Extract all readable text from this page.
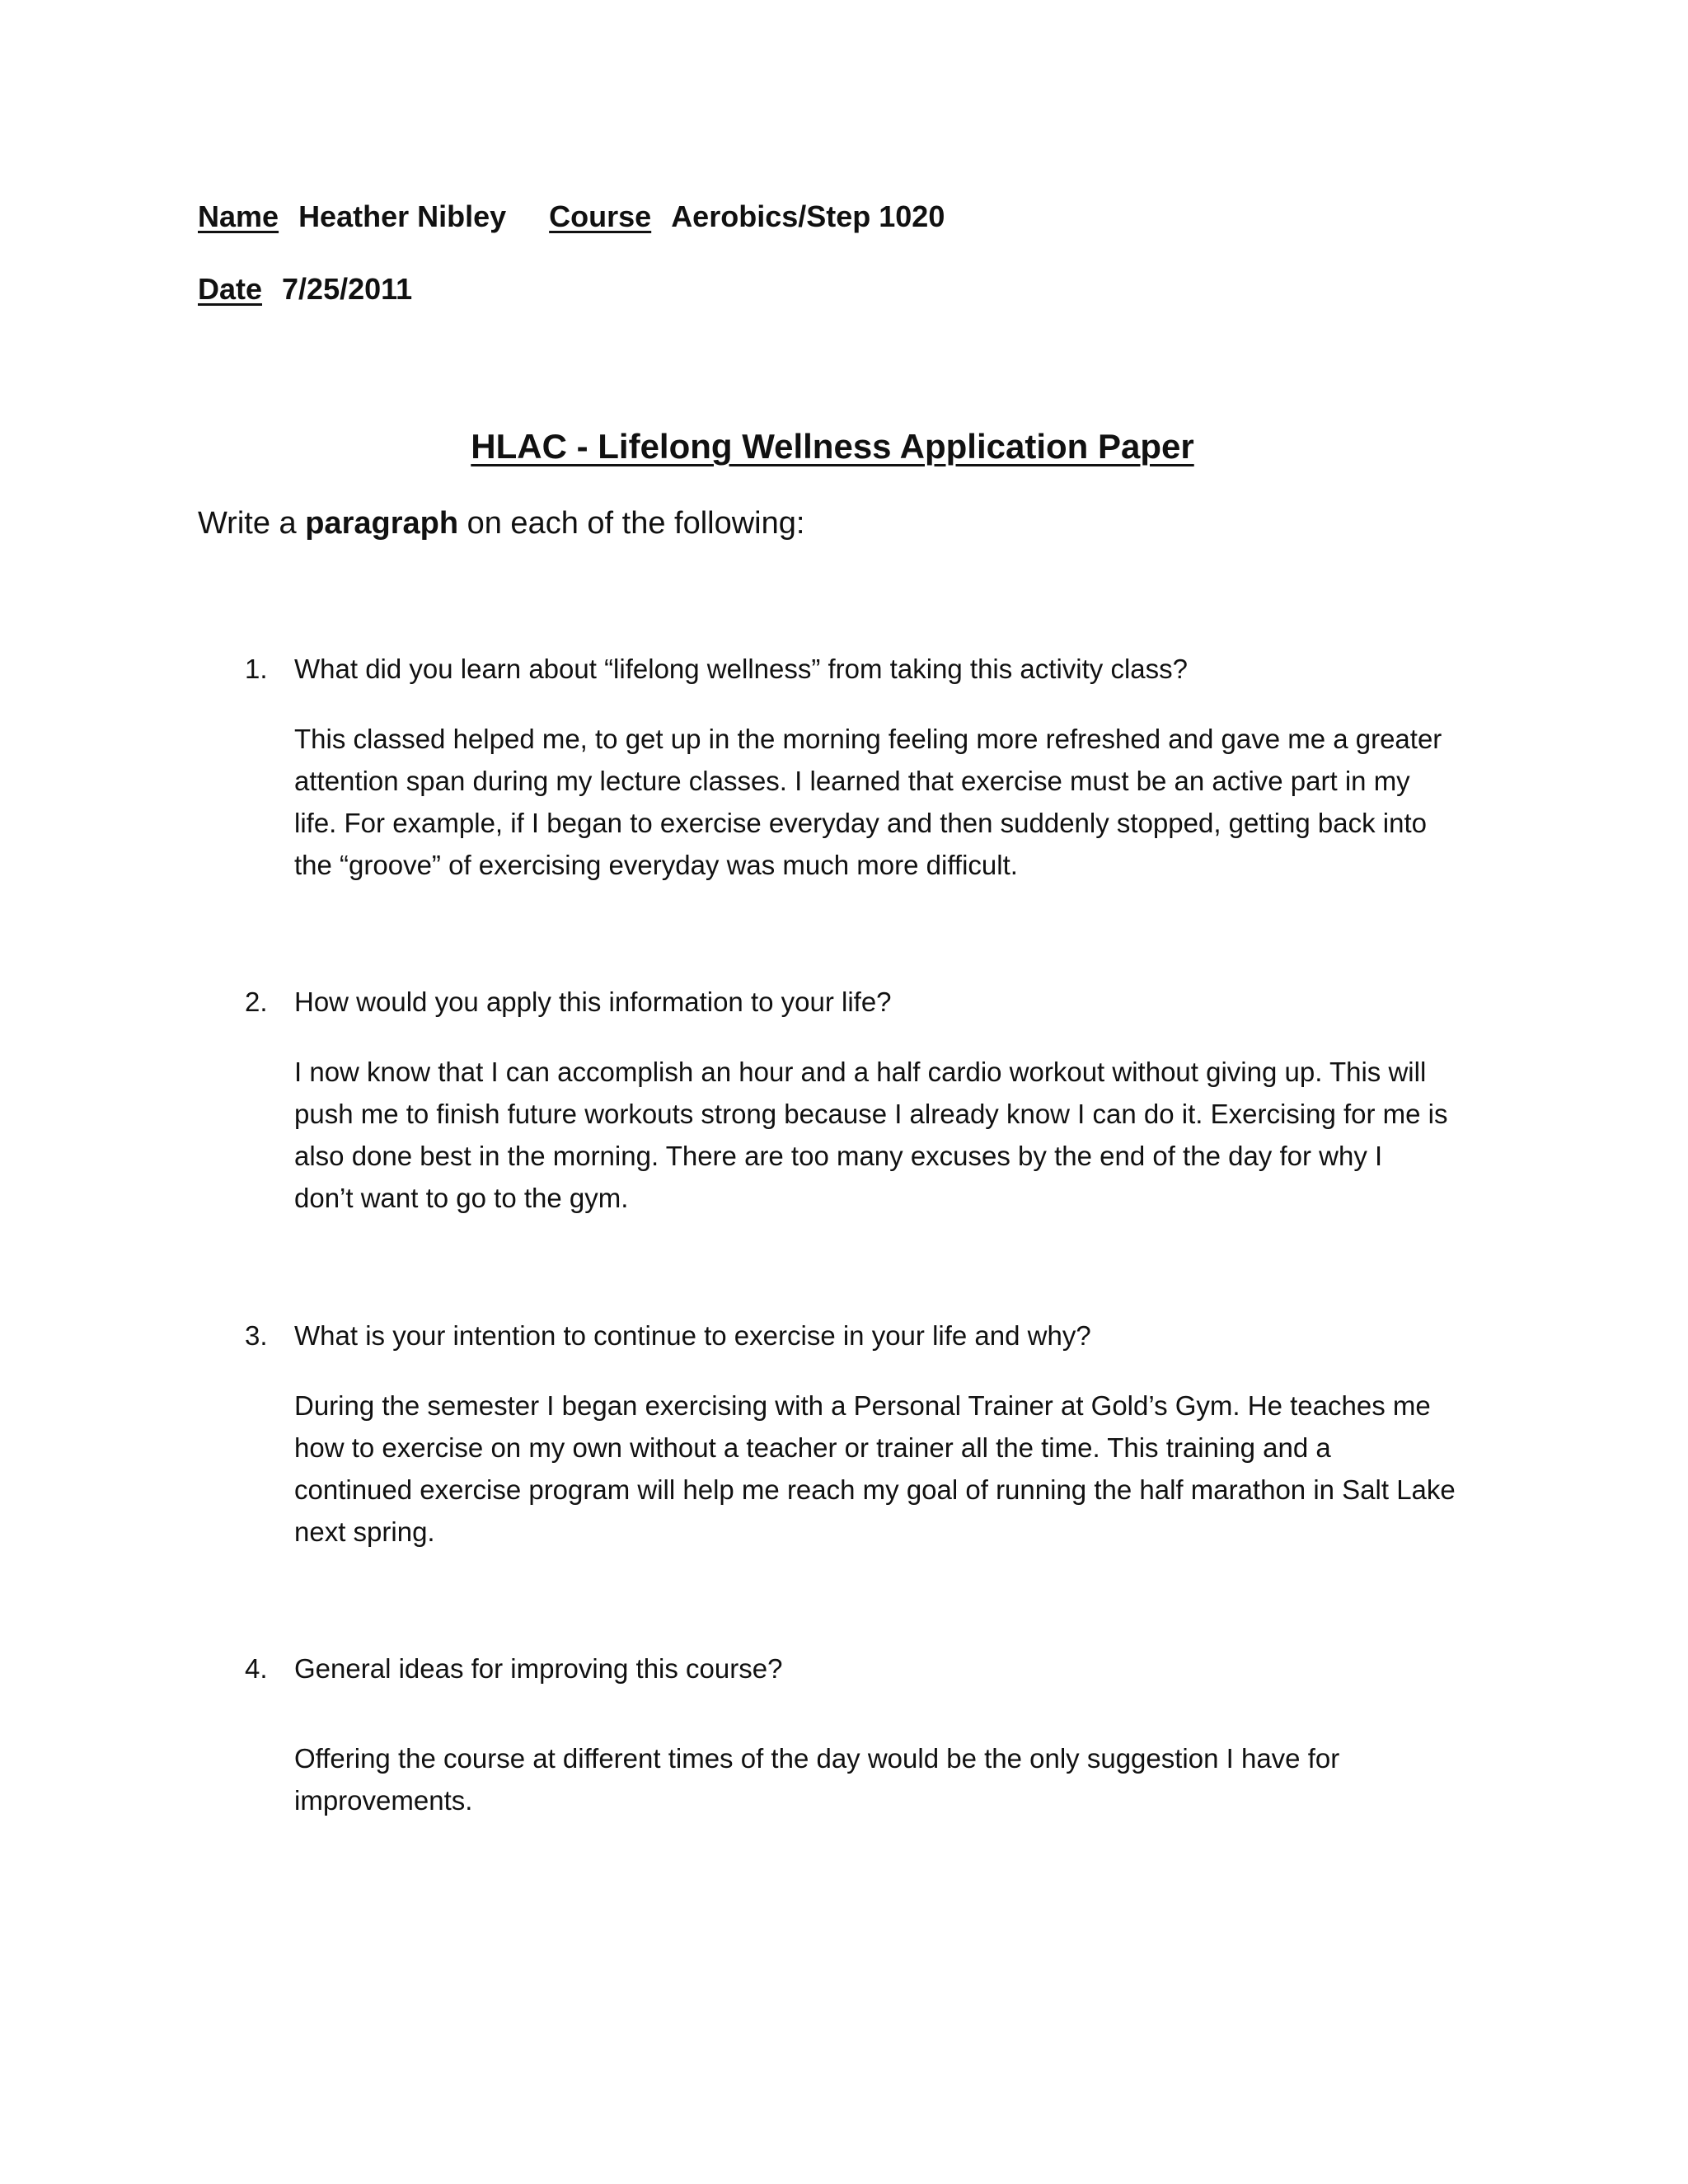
Name Heather Nibley Course Aerobics/Step 1020
Date 7/25/2011
HLAC - Lifelong Wellness Application Paper
Write a paragraph on each of the following:
1. What did you learn about “lifelong wellness” from taking this activity class?

This classed helped me, to get up in the morning feeling more refreshed and gave me a greater

attention span during my lecture classes. I learned that exercise must be an active part in my

life. For example, if I began to exercise everyday and then suddenly stopped, getting back into

the “groove” of exercising everyday was much more difficult.

2. How would you apply this information to your life?

I now know that I can accomplish an hour and a half cardio workout without giving up. This will

push me to finish future workouts strong because I already know I can do it. Exercising for me is

also done best in the morning. There are too many excuses by the end of the day for why I

don’t want to go to the gym.

3. What is your intention to continue to exercise in your life and why?

During the semester I began exercising with a Personal Trainer at Gold’s Gym. He teaches me

how to exercise on my own without a teacher or trainer all the time. This training and a

continued exercise program will help me reach my goal of running the half marathon in Salt Lake

next spring.

4. General ideas for improving this course?

Offering the course at different times of the day would be the only suggestion I have for

improvements.
